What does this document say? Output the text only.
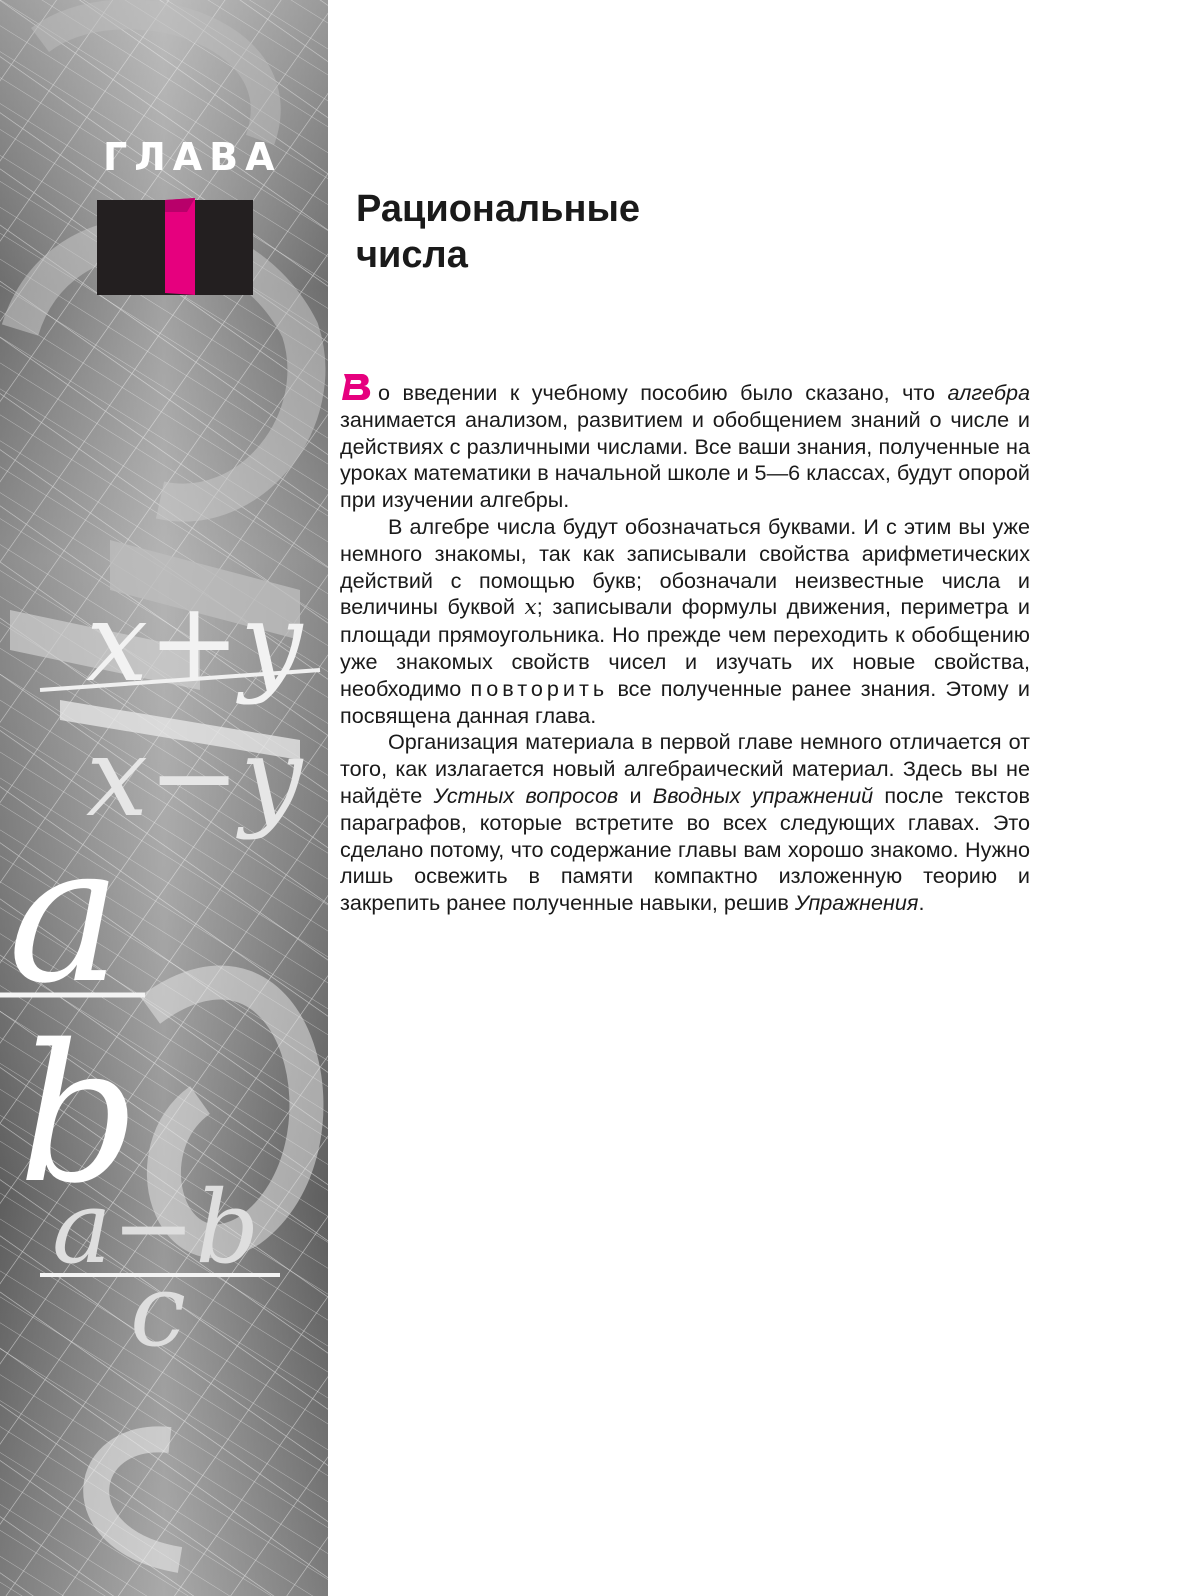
x+y
x−y
a
b
a−b
c
ГЛАВА
Рациональные
числа

о введении к учебному пособию было сказано, что алгебра занимается анализом, развитием и обобщением знаний о числе и действиях с различными числами. Все ваши знания, полученные на уроках математики в начальной школе и 5—6 классах, будут опорой при изучении алгебры.

В алгебре числа будут обозначаться буквами. И с этим вы уже немного знакомы, так как записывали свойства арифметических действий с помощью букв; обозначали неизвестные числа и величины буквой x; записывали формулы движения, периметра и площади прямоугольника. Но прежде чем переходить к обобщению уже знакомых свойств чисел и изучать их новые свойства, необходимо повторить все полученные ранее знания. Этому и посвящена данная глава.

Организация материала в первой главе немного отличается от того, как излагается новый алгебраический материал. Здесь вы не найдёте Устных вопросов и Вводных упражнений после текстов параграфов, которые встретите во всех следующих главах. Это сделано потому, что содержание главы вам хорошо знакомо. Нужно лишь освежить в памяти компактно изложенную теорию и закрепить ранее полученные навыки, решив Упражнения.
